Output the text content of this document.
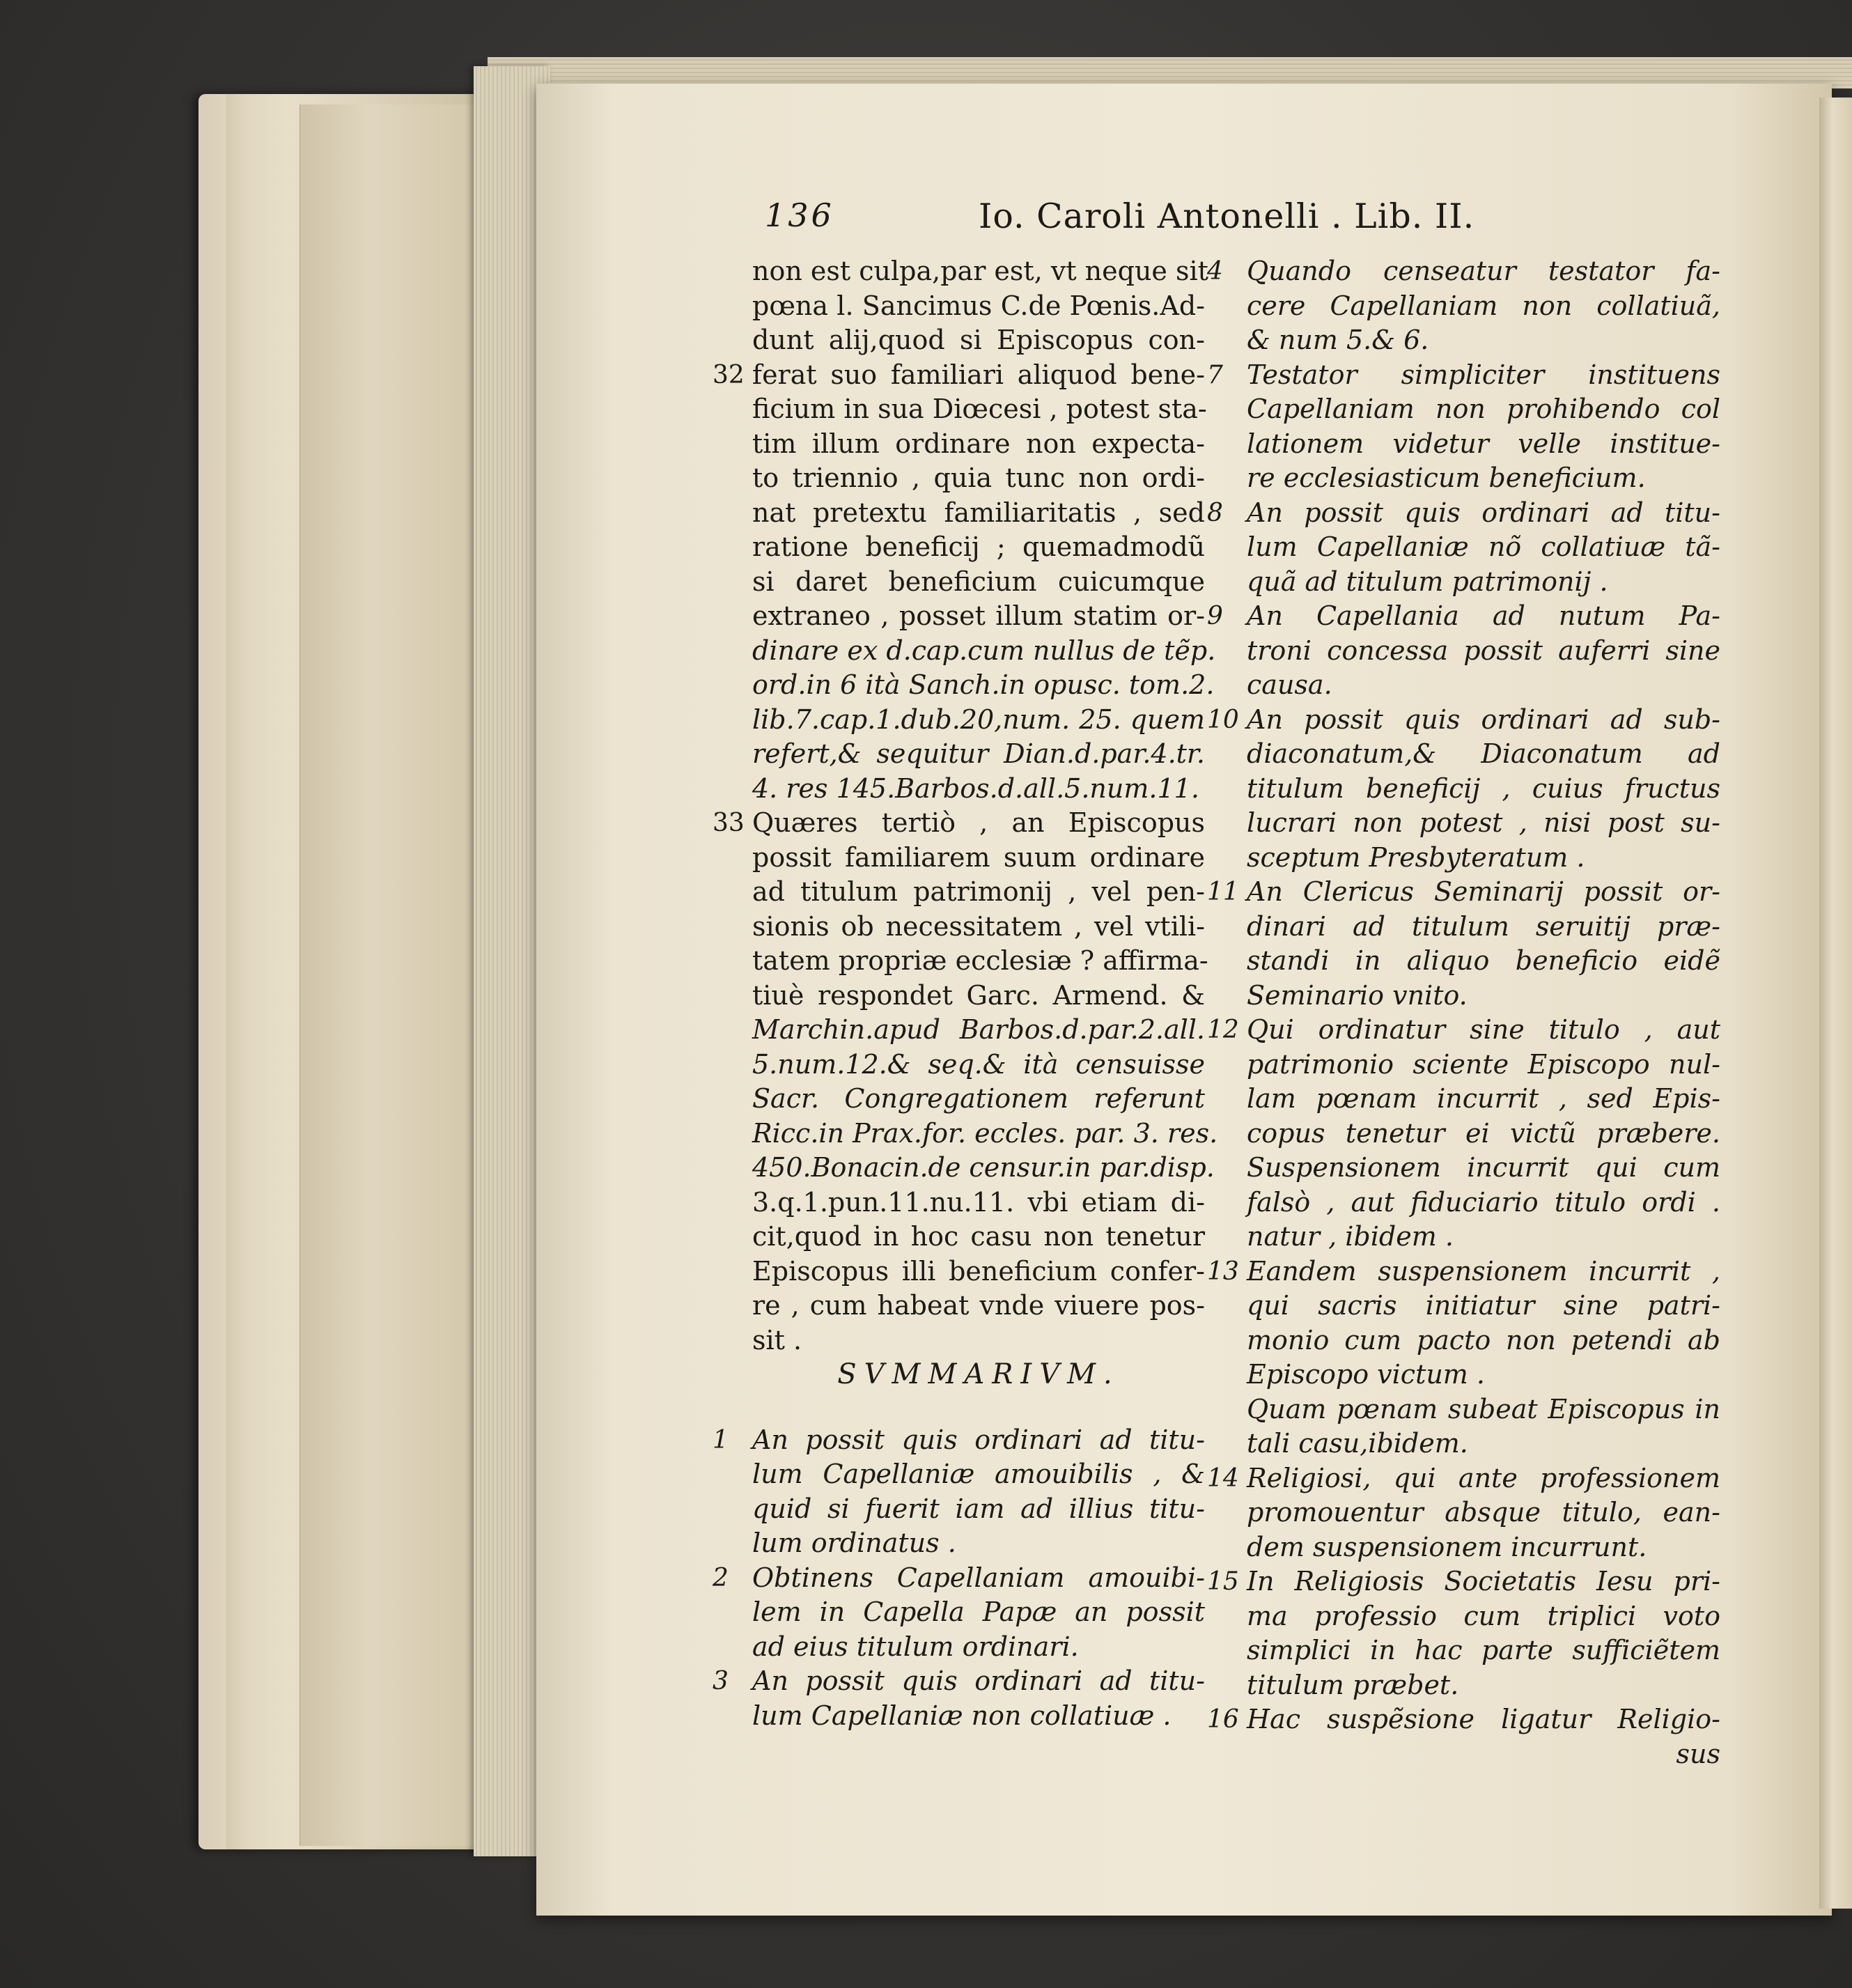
136	Io. Caroli Antonelli . Lib. II.
non est culpa,par est, vt neque sit
pœna l. Sancimus C.de Pœnis.Ad-
dunt alij,quod si Episcopus con-
32 ferat suo familiari aliquod bene-
ficium in sua Diœcesi , potest sta-
tim illum ordinare non expecta-
to triennio , quia tunc non ordi-
nat pretextu familiaritatis , sed
ratione beneficij ; quemadmodũ
si daret beneficium cuicumque
extraneo , posset illum statim or-
dinare ex d.cap.cum nullus de tẽp.
ord.in 6 ità Sanch.in opusc. tom.2.
lib.7.cap.1.dub.20,num. 25. quem
refert,& sequitur Dian.d.par.4.tr.
4. res 145.Barbos.d.all.5.num.11.
33 Quæres tertiò , an Episcopus
possit familiarem suum ordinare
ad titulum patrimonij , vel pen-
sionis ob necessitatem , vel vtili-
tatem propriæ ecclesiæ ? affirma-
tiuè respondet Garc. Armend. &
Marchin.apud Barbos.d.par.2.all.
5.num.12.& seq.& ità censuisse
Sacr. Congregationem referunt
Ricc.in Prax.for. eccles. par. 3. res.
450.Bonacin.de censur.in par.disp.
3.q.1.pun.11.nu.11. vbi etiam di-
cit,quod in hoc casu non tenetur
Episcopus illi beneficium confer-
re , cum habeat vnde viuere pos-
sit .
SVMMARIVM.
1 An possit quis ordinari ad titu-
lum Capellaniæ amouibilis , &
quid si fuerit iam ad illius titu-
lum ordinatus .
2 Obtinens Capellaniam amouibi-
lem in Capella Papæ an possit
ad eius titulum ordinari.
3 An possit quis ordinari ad titu-
lum Capellaniæ non collatiuæ .
4 Quando censeatur testator fa-
cere Capellaniam non collatiuã,
& num 5.& 6.
7 Testator simpliciter instituens
Capellaniam non prohibendo col
lationem videtur velle institue-
re ecclesiasticum beneficium.
8 An possit quis ordinari ad titu-
lum Capellaniæ nõ collatiuæ tã-
quã ad titulum patrimonij .
9 An Capellania ad nutum Pa-
troni concessa possit auferri sine
causa.
10 An possit quis ordinari ad sub-
diaconatum,& Diaconatum ad
titulum beneficij , cuius fructus
lucrari non potest , nisi post su-
sceptum Presbyteratum .
11 An Clericus Seminarij possit or-
dinari ad titulum seruitij præ-
standi in aliquo beneficio eidẽ
Seminario vnito.
12 Qui ordinatur sine titulo , aut
patrimonio sciente Episcopo nul-
lam pœnam incurrit , sed Epis-
copus tenetur ei victũ præbere.
Suspensionem incurrit qui cum
falsò , aut fiduciario titulo ordi .
natur , ibidem .
13 Eandem suspensionem incurrit ,
qui sacris initiatur sine patri-
monio cum pacto non petendi ab
Episcopo victum .
Quam pœnam subeat Episcopus in
tali casu,ibidem.
14 Religiosi, qui ante professionem
promouentur absque titulo, ean-
dem suspensionem incurrunt.
15 In Religiosis Societatis Iesu pri-
ma professio cum triplici voto
simplici in hac parte sufficiẽtem
titulum præbet.
16 Hac suspẽsione ligatur Religio-
sus
